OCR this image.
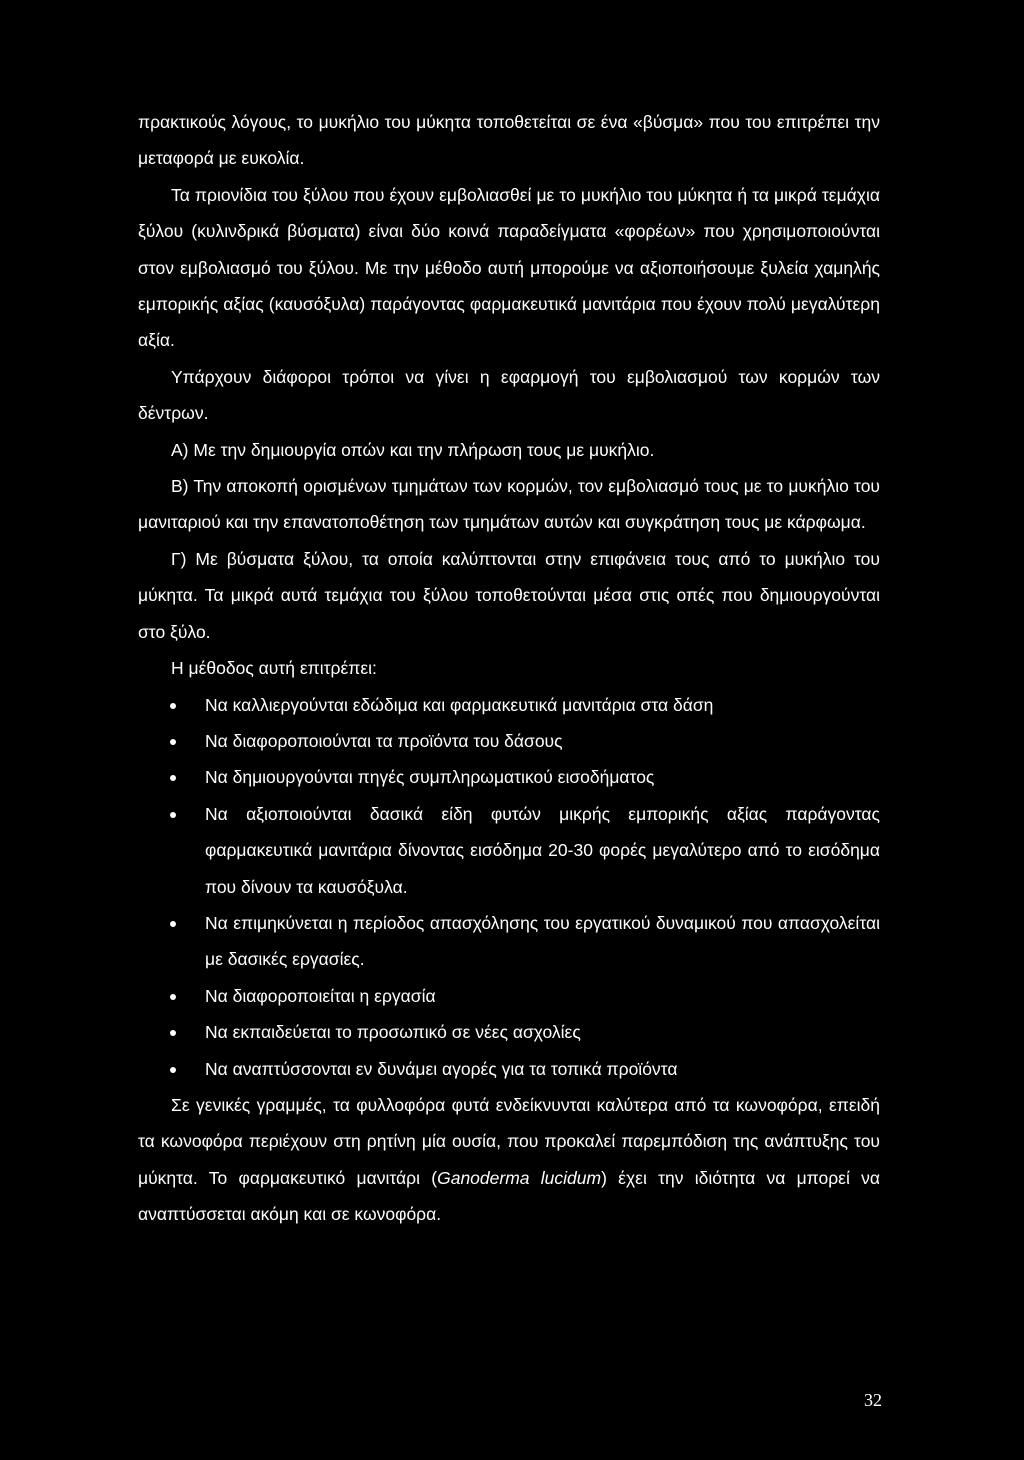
πρακτικούς λόγους, το μυκήλιο του μύκητα τοποθετείται σε ένα «βύσμα» που του επιτρέπει την μεταφορά με ευκολία.

Τα πριονίδια του ξύλου που έχουν εμβολιασθεί με το μυκήλιο του μύκητα ή τα μικρά τεμάχια ξύλου (κυλινδρικά βύσματα) είναι δύο κοινά παραδείγματα «φορέων» που χρησιμοποιούνται στον εμβολιασμό του ξύλου. Με την μέθοδο αυτή μπορούμε να αξιοποιήσουμε ξυλεία χαμηλής εμπορικής αξίας (καυσόξυλα) παράγοντας φαρμακευτικά μανιτάρια που έχουν πολύ μεγαλύτερη αξία.

Υπάρχουν διάφοροι τρόποι να γίνει η εφαρμογή του εμβολιασμού των κορμών των δέντρων.

Α) Με την δημιουργία οπών και την πλήρωση τους με μυκήλιο.

Β) Την αποκοπή ορισμένων τμημάτων των κορμών, τον εμβολιασμό τους με το μυκήλιο του μανιταριού και την επανατοποθέτηση των τμημάτων αυτών και συγκράτηση τους με κάρφωμα.

Γ) Με βύσματα ξύλου, τα οποία καλύπτονται στην επιφάνεια τους από το μυκήλιο του μύκητα. Τα μικρά αυτά τεμάχια του ξύλου τοποθετούνται μέσα στις οπές που δημιουργούνται στο ξύλο.

Η μέθοδος αυτή επιτρέπει:

Να καλλιεργούνται εδώδιμα και φαρμακευτικά μανιτάρια στα δάση
Να διαφοροποιούνται τα προϊόντα του δάσους
Να δημιουργούνται πηγές συμπληρωματικού εισοδήματος
Να αξιοποιούνται δασικά είδη φυτών μικρής εμπορικής αξίας παράγοντας φαρμακευτικά μανιτάρια δίνοντας εισόδημα 20-30 φορές μεγαλύτερο από το εισόδημα που δίνουν τα καυσόξυλα.
Να επιμηκύνεται η περίοδος απασχόλησης του εργατικού δυναμικού που απασχολείται με δασικές εργασίες.
Να διαφοροποιείται η εργασία
Να εκπαιδεύεται το προσωπικό σε νέες ασχολίες
Να αναπτύσσονται εν δυνάμει αγορές για τα τοπικά προϊόντα

Σε γενικές γραμμές, τα φυλλοφόρα φυτά ενδείκνυνται καλύτερα από τα κωνοφόρα, επειδή τα κωνοφόρα περιέχουν στη ρητίνη μία ουσία, που προκαλεί παρεμπόδιση της ανάπτυξης του μύκητα. Το φαρμακευτικό μανιτάρι (Ganoderma lucidum) έχει την ιδιότητα να μπορεί να αναπτύσσεται ακόμη και σε κωνοφόρα.

32
